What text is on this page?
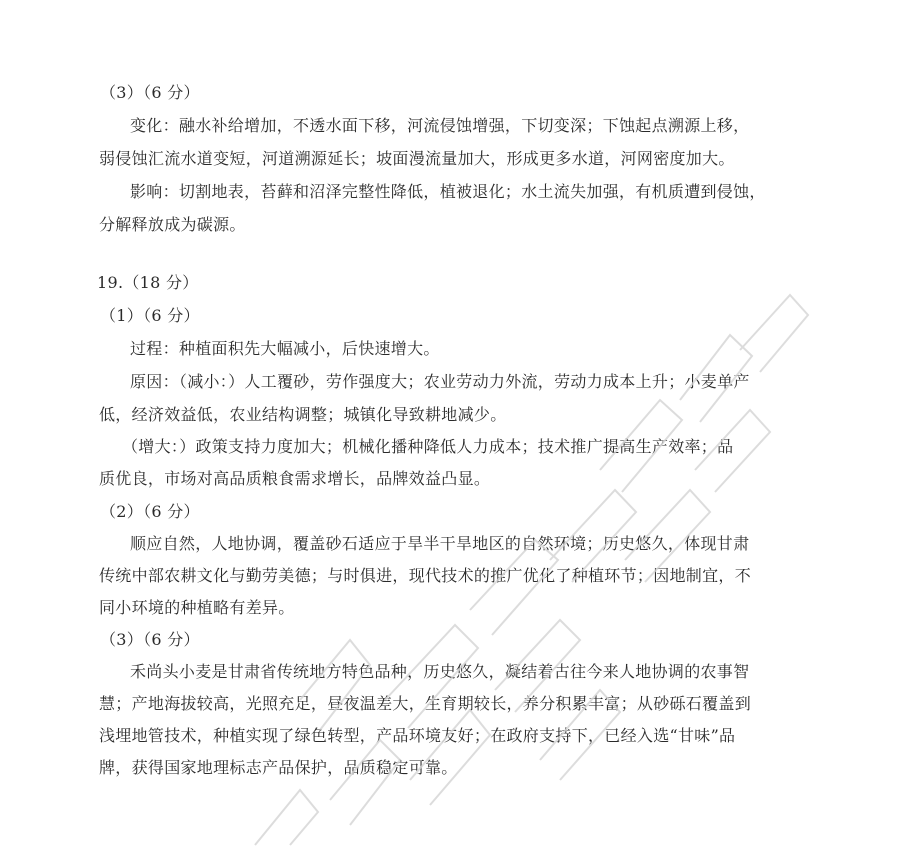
（3）（6 分）
变化：融水补给增加，不透水面下移，河流侵蚀增强，下切变深；下蚀起点溯源上移，
弱侵蚀汇流水道变短，河道溯源延长；坡面漫流量加大，形成更多水道，河网密度加大。
影响：切割地表，苔藓和沼泽完整性降低，植被退化；水土流失加强，有机质遭到侵蚀，
分解释放成为碳源。
19.（18 分）
（1）（6 分）
过程：种植面积先大幅减小，后快速增大。
原因：（减小：）人工覆砂，劳作强度大；农业劳动力外流，劳动力成本上升；小麦单产
低，经济效益低，农业结构调整；城镇化导致耕地减少。
（增大：）政策支持力度加大；机械化播种降低人力成本；技术推广提高生产效率；品
质优良，市场对高品质粮食需求增长，品牌效益凸显。
（2）（6 分）
顺应自然，人地协调，覆盖砂石适应于旱半干旱地区的自然环境；历史悠久，体现甘肃
传统中部农耕文化与勤劳美德；与时俱进，现代技术的推广优化了种植环节；因地制宜，不
同小环境的种植略有差异。
（3）（6 分）
禾尚头小麦是甘肃省传统地方特色品种，历史悠久，凝结着古往今来人地协调的农事智
慧；产地海拔较高，光照充足，昼夜温差大，生育期较长，养分积累丰富；从砂砾石覆盖到
浅埋地管技术，种植实现了绿色转型，产品环境友好；在政府支持下，已经入选“甘味”品
牌，获得国家地理标志产品保护，品质稳定可靠。
